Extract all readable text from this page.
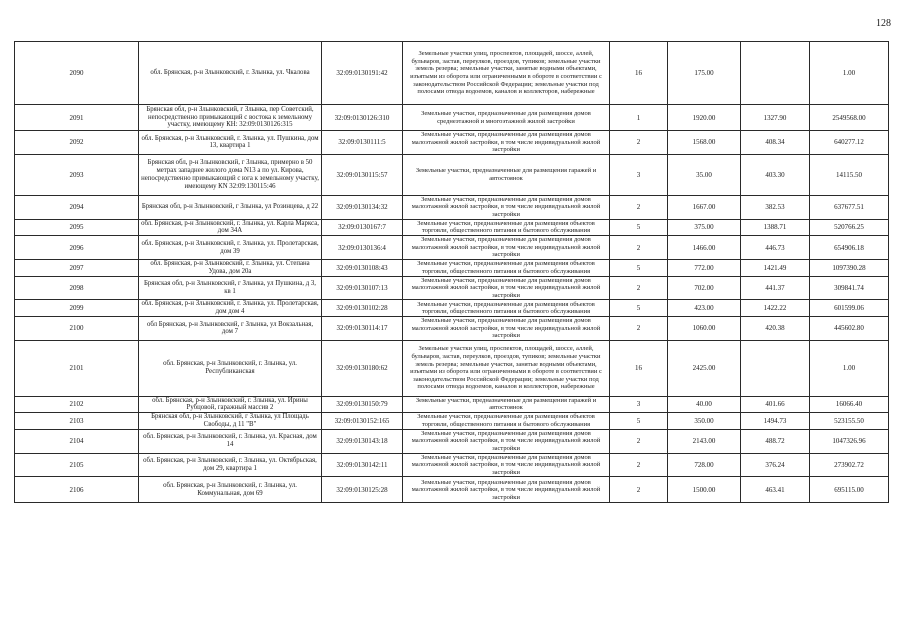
128
2090	обл. Брянская, р-н Злынковский, г. Злынка, ул. Чкалова	32:09:0130191:42	Земельные участки улиц, проспектов, площадей, шоссе, аллей, бульваров, застав, переулков, проездов, тупиков; земельные участки земель резерва; земельные участки, занятые водными объектами, изъятыми из оборота или ограниченными в обороте в соответствии с законодательством Российской Федерации; земельные участки под полосами отвода водоемов, каналов и коллекторов, набережные	16	175.00		1.00
2091	Брянская обл, р-н Злынковский, г Злынка, пер Советский, непосредственно примыкающий с востока к земельному участку, имеющему КН: 32:09:0130126:315	32:09:0130126:310	Земельные участки, предназначенные для размещения домов среднеэтажной и многоэтажной жилой застройки	1	1920.00	1327.90	2549568.00
2092	обл. Брянская, р-н Злынковский, г. Злынка, ул. Пушкина, дом 13, квартира 1	32:09:0130111:5	Земельные участки, предназначенные для размещения домов малоэтажной жилой застройки, в том числе индивидуальной жилой застройки	2	1568.00	408.34	640277.12
2093	Брянская обл, р-н Злынковский, г Злынка, примерно в 50 метрах западнее жилого дома N13 а по ул. Кирова, непосредственно примыкающий с юга к земельному участку, имеющему КN 32:09:130115:46	32:09:0130115:57	Земельные участки, предназначенные для размещения гаражей и автостоянок	3	35.00	403.30	14115.50
2094	Брянская обл, р-н Злынковский, г Злынка, ул Розинцева, д 22	32:09:0130134:32	Земельные участки, предназначенные для размещения домов малоэтажной жилой застройки, в том числе индивидуальной жилой застройки	2	1667.00	382.53	637677.51
2095	обл. Брянская, р-н Злынковский, г. Злынка, ул. Карла Маркса, дом 34А	32:09:0130167:7	Земельные участки, предназначенные для размещения объектов торговли, общественного питания и бытового обслуживания	5	375.00	1388.71	520766.25
2096	обл. Брянская, р-н Злынковский, г. Злынка, ул. Пролетарская, дом 39	32:09:0130136:4	Земельные участки, предназначенные для размещения домов малоэтажной жилой застройки, в том числе индивидуальной жилой застройки	2	1466.00	446.73	654906.18
2097	обл. Брянская, р-н Злынковский, г. Злынка, ул. Степана Удова, дом 20а	32:09:0130108:43	Земельные участки, предназначенные для размещения объектов торговли, общественного питания и бытового обслуживания	5	772.00	1421.49	1097390.28
2098	Брянская обл, р-н Злынковский, г Злынка, ул Пушкина, д 3, кв 1	32:09:0130107:13	Земельные участки, предназначенные для размещения домов малоэтажной жилой застройки, в том числе индивидуальной жилой застройки	2	702.00	441.37	309841.74
2099	обл. Брянская, р-н Злынковский, г. Злынка, ул. Пролетарская, дом дом 4	32:09:0130102:28	Земельные участки, предназначенные для размещения объектов торговли, общественного питания и бытового обслуживания	5	423.00	1422.22	601599.06
2100	обл Брянская, р-н Злынковский, г Злынка, ул Вокзальная, дом 7	32:09:0130114:17	Земельные участки, предназначенные для размещения домов малоэтажной жилой застройки, в том числе индивидуальной жилой застройки	2	1060.00	420.38	445602.80
2101	обл. Брянская, р-н Злынковский, г. Злынка, ул. Республиканская	32:09:0130180:62	Земельные участки улиц, проспектов, площадей, шоссе, аллей, бульваров, застав, переулков, проездов, тупиков; земельные участки земель резерва; земельные участки, занятые водными объектами, изъятыми из оборота или ограниченными в обороте в соответствии с законодательством Российской Федерации; земельные участки под полосами отвода водоемов, каналов и коллекторов, набережные	16	2425.00		1.00
2102	обл. Брянская, р-н Злынковский, г. Злынка, ул. Ирины Рубцовой, гаражный массив 2	32:09:0130150:79	Земельные участки, предназначенные для размещения гаражей и автостоянок	3	40.00	401.66	16066.40
2103	Брянская обл, р-н Злынковский, г Злынка, ул Площадь Свободы, д 11 "В"	32:09:0130152:165	Земельные участки, предназначенные для размещения объектов торговли, общественного питания и бытового обслуживания	5	350.00	1494.73	523155.50
2104	обл. Брянская, р-н Злынковский, г. Злынка, ул. Красная, дом 14	32:09:0130143:18	Земельные участки, предназначенные для размещения домов малоэтажной жилой застройки, в том числе индивидуальной жилой застройки	2	2143.00	488.72	1047326.96
2105	обл. Брянская, р-н Злынковский, г. Злынка, ул. Октябрьская, дом 29, квартира 1	32:09:0130142:11	Земельные участки, предназначенные для размещения домов малоэтажной жилой застройки, в том числе индивидуальной жилой застройки	2	728.00	376.24	273902.72
2106	обл. Брянская, р-н Злынковский, г. Злынка, ул. Коммунальная, дом 69	32:09:0130125:28	Земельные участки, предназначенные для размещения домов малоэтажной жилой застройки, в том числе индивидуальной жилой застройки	2	1500.00	463.41	695115.00
